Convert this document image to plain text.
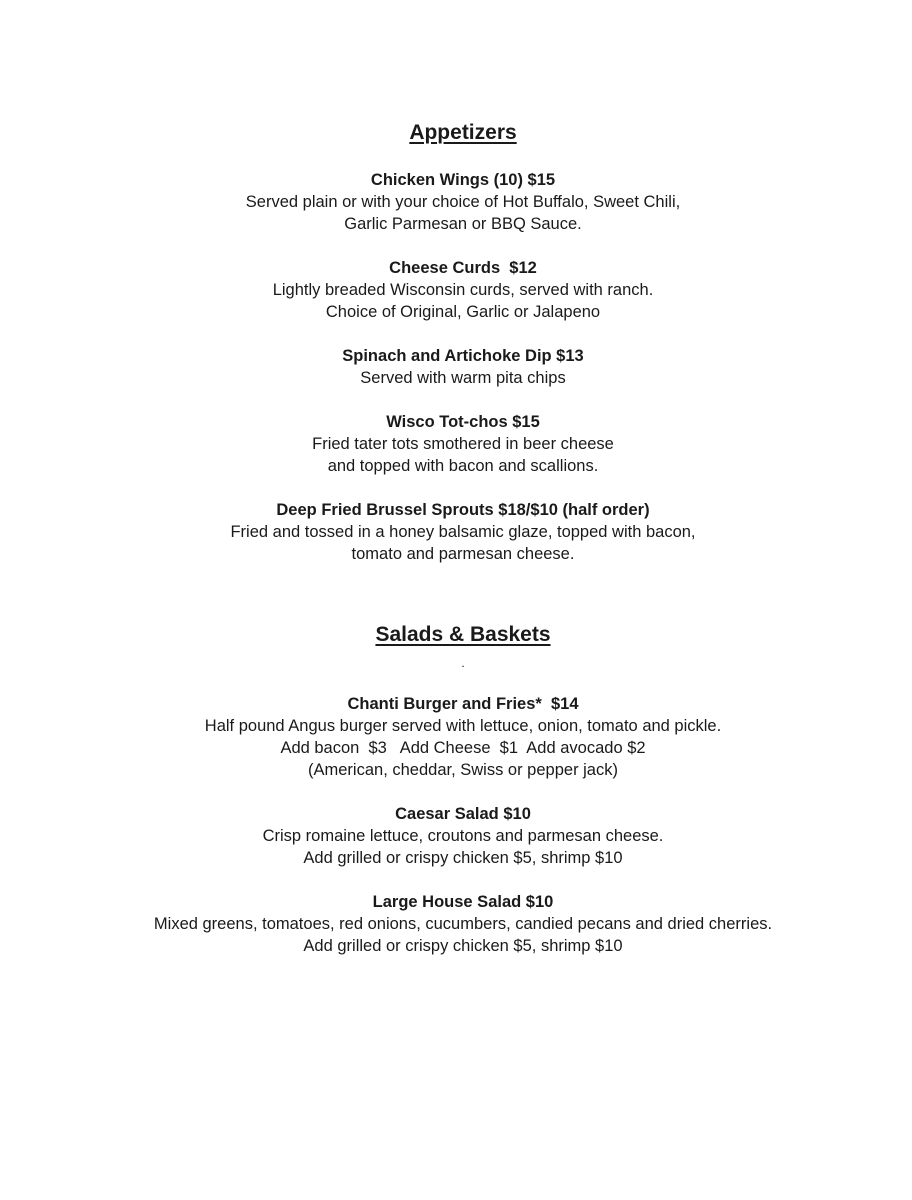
Appetizers
Chicken Wings (10) $15
Served plain or with your choice of Hot Buffalo, Sweet Chili,
Garlic Parmesan or BBQ Sauce.
Cheese Curds  $12
Lightly breaded Wisconsin curds, served with ranch.
Choice of Original, Garlic or Jalapeno
Spinach and Artichoke Dip $13
Served with warm pita chips
Wisco Tot-chos $15
Fried tater tots smothered in beer cheese
and topped with bacon and scallions.
Deep Fried Brussel Sprouts $18/$10 (half order)
Fried and tossed in a honey balsamic glaze, topped with bacon,
tomato and parmesan cheese.
Salads & Baskets
.
Chanti Burger and Fries*  $14
Half pound Angus burger served with lettuce, onion, tomato and pickle.
Add bacon  $3   Add Cheese  $1  Add avocado $2
(American, cheddar, Swiss or pepper jack)
Caesar Salad $10
Crisp romaine lettuce, croutons and parmesan cheese.
Add grilled or crispy chicken $5, shrimp $10
Large House Salad $10
Mixed greens, tomatoes, red onions, cucumbers, candied pecans and dried cherries.
Add grilled or crispy chicken $5, shrimp $10
